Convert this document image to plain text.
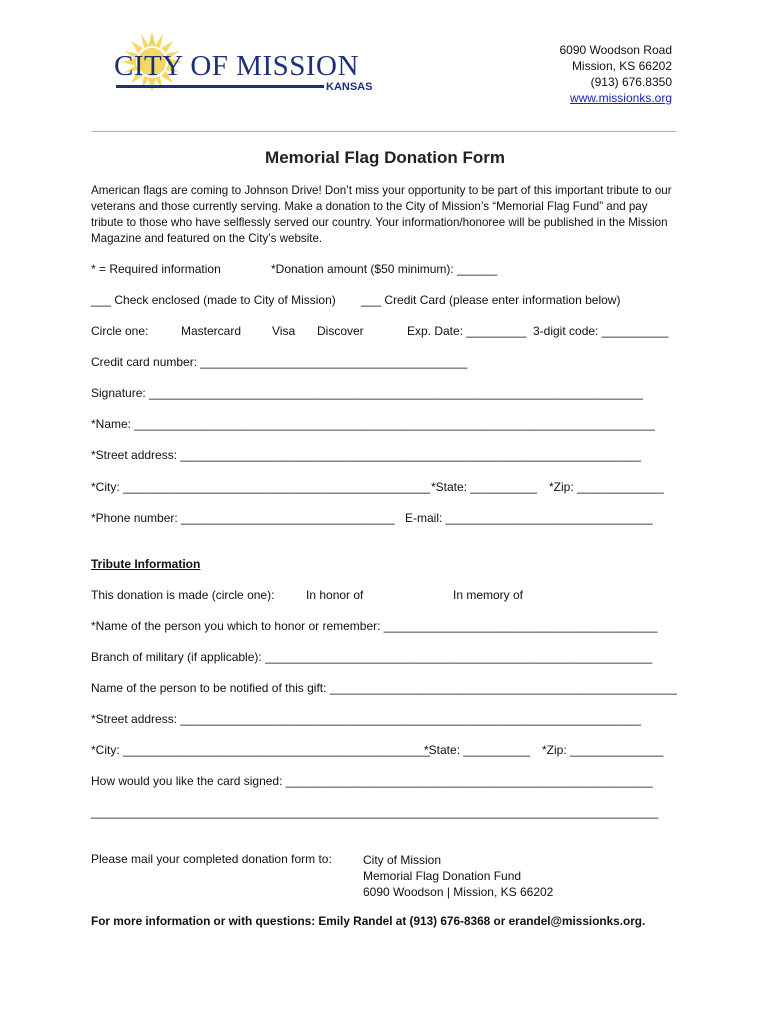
CITY OF MISSION
KANSAS
6090 Woodson Road
Mission, KS 66202
(913) 676.8350
www.missionks.org
Memorial Flag Donation Form
American flags are coming to Johnson Drive! Don’t miss your opportunity to be part of this important tribute to our veterans and those currently serving. Make a donation to the City of Mission’s “Memorial Flag Fund” and pay tribute to those who have selflessly served our country. Your information/honoree will be published in the Mission Magazine and featured on the City’s website.
* = Required information	*Donation amount ($50 minimum): ______
___ Check enclosed (made to City of Mission) ___ Credit Card (please enter information below)
Circle one:	Mastercard	Visa Discover	Exp. Date: _________ 3-digit code: __________
Credit card number: ________________________________________
Signature: __________________________________________________________________________
*Name: ______________________________________________________________________________
*Street address: _____________________________________________________________________
*City: ______________________________________________ *State: __________ *Zip: _____________
*Phone number: ________________________________ E-mail: _______________________________
Tribute Information
This donation is made (circle one):	In honor of	In memory of
*Name of the person you which to honor or remember: _________________________________________
Branch of military (if applicable): __________________________________________________________
Name of the person to be notified of this gift: ____________________________________________________
*Street address: _____________________________________________________________________
*City: ______________________________________________
*State: __________ *Zip: ______________
How would you like the card signed: _______________________________________________________
_____________________________________________________________________________________
Please mail your completed donation form to:	City of Mission
Memorial Flag Donation Fund
6090 Woodson | Mission, KS 66202
For more information or with questions: Emily Randel at (913) 676-8368 or erandel@missionks.org.
